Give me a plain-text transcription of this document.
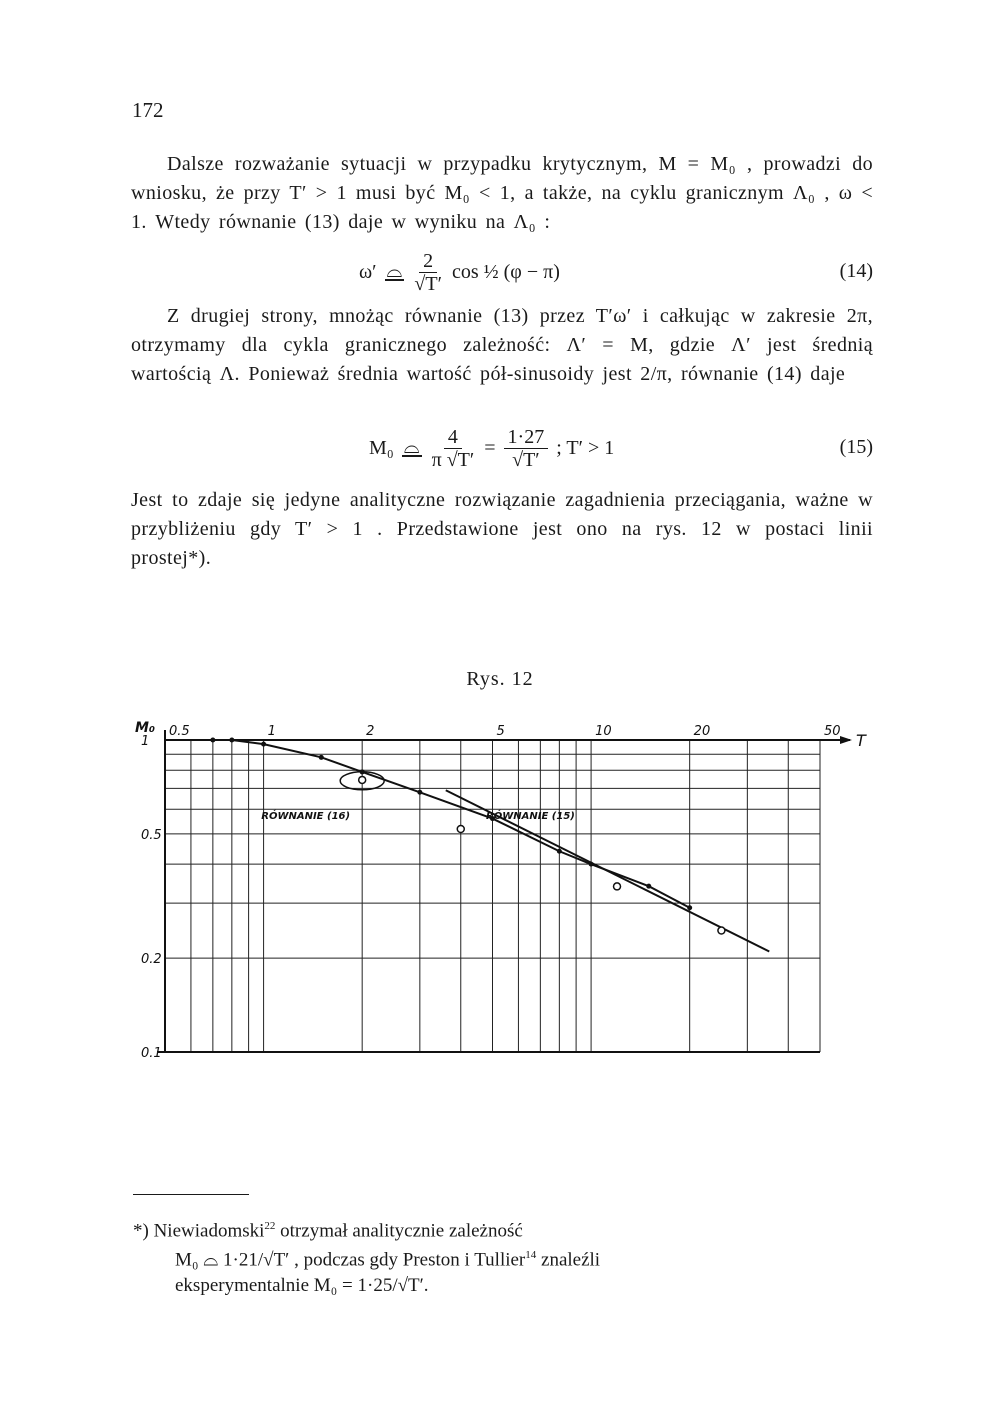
172
Dalsze rozważanie sytuacji w przypadku krytycznym, M = M₀ , prowadzi do wniosku, że przy T′ > 1 musi być M₀ < 1, a także, na cyklu granicznym Λ₀ , ω < 1. Wtedy równanie (13) daje w wyniku na Λ₀ :
ω′ ⌓ $\frac{2}{√T'}$ cos ½ (φ − π)	(14)
Z drugiej strony, mnożąc równanie (13) przez T′ω′ i całkując w zakresie 2π, otrzymamy dla cykla granicznego zależność: Λ′ = M, gdzie Λ′ jest średnią wartością Λ. Ponieważ średnia wartość pół-sinusoidy jest 2/π, równanie (14) daje
M₀ ⌓ $\frac{4}{\pi √T'} = \frac{1\cdot 27}{√T'}$ ; T′ > 1	(15)
Jest to zdaje się jedyne analityczne rozwiązanie zagadnienia przeciągania, ważne w przybliżeniu gdy T′ > 1 . Przedstawione jest ono na rys. 12 w postaci linii prostej*).
Rys. 12
0.5	1	2	5	10	20	50
1
0.5
0.2
0.1
T
M₀
RÓWNANIE (16)	RÓWNANIE (15)
*) Niewiadomski$^{22}$ otrzymał analitycznie zależność
M₀ ⌓ 1·21/√T′ , podczas gdy Preston i Tullier$^{14}$ znaleźli
eksperymentalnie M₀ = 1·25/√T′.
